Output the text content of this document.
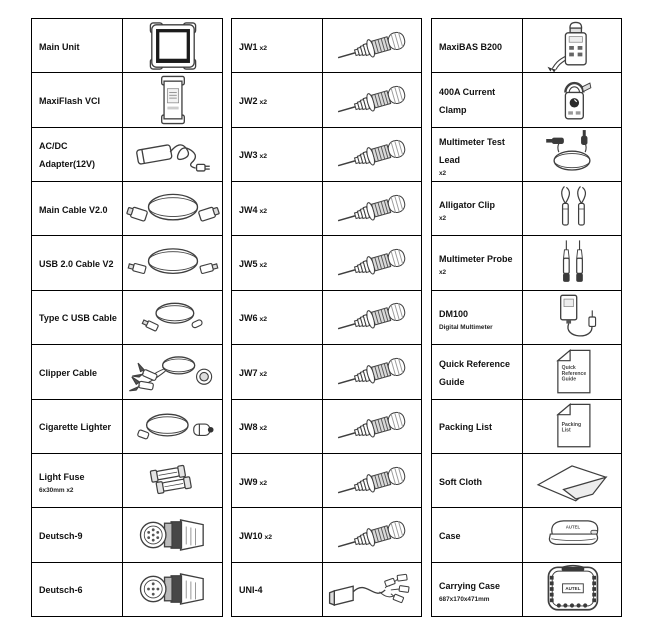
Main Unit
MaxiFlash VCI
AC/DC Adapter(12V)
Main Cable V2.0
USB 2.0 Cable V2
Type C USB Cable
Clipper Cable
Cigarette Lighter
Light Fuse
6x30mm x2
Deutsch-9
Deutsch-6
JW1 x2
JW2 x2
JW3 x2
JW4 x2
JW5 x2
JW6 x2
JW7 x2
JW8 x2
JW9 x2
JW10 x2
UNI-4
MaxiBAS B200
400A Current Clamp
Multimeter Test Lead
x2
Alligator Clip
x2
Multimeter Probe
x2
DM100
Digital Multimeter
Quick Reference Guide
Quick Reference Guide
Packing List	Packing List
Soft Cloth
Case
AUTEL
Carrying Case
687x170x471mm
AUTEL
